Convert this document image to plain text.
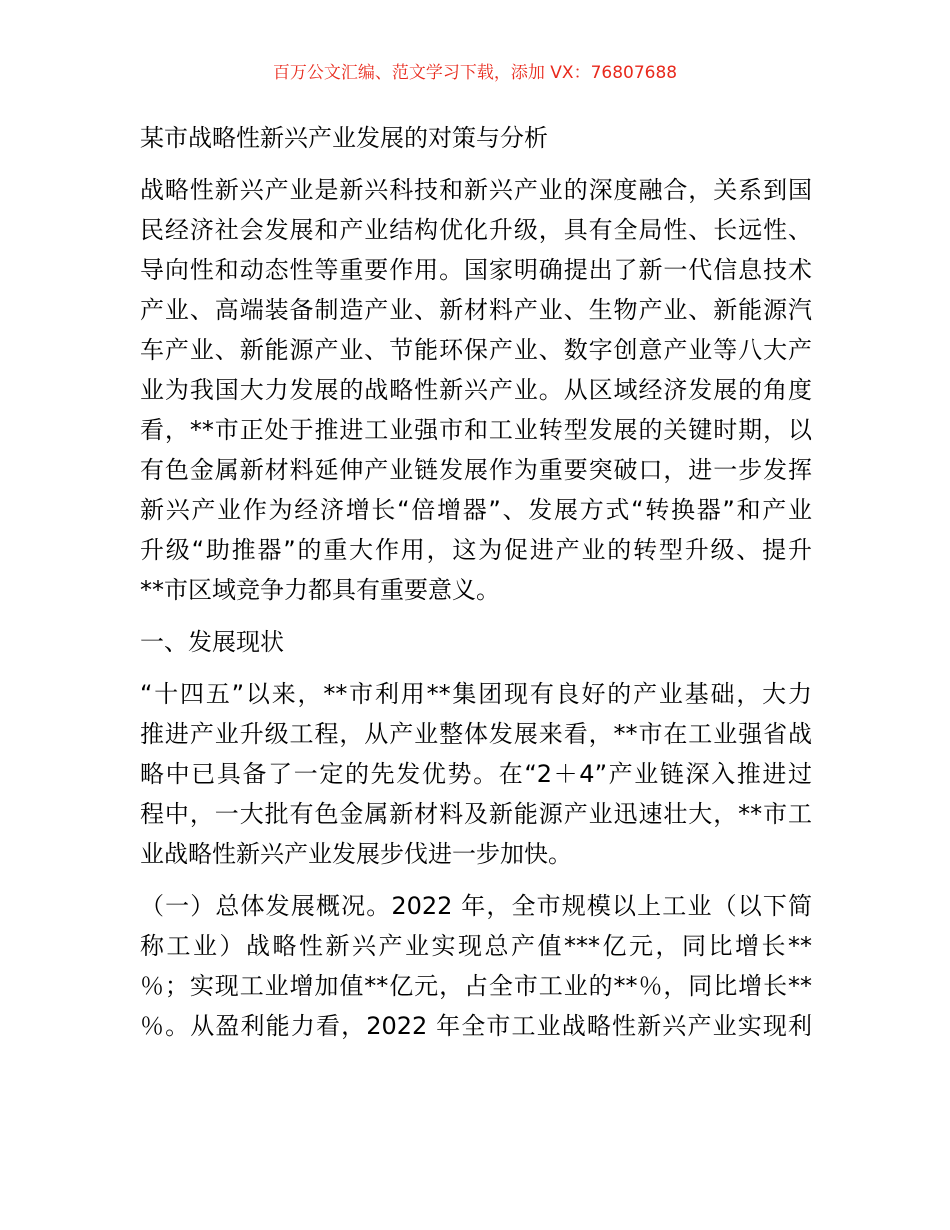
百万公文汇编、范文学习下载，添加 VX：76807688
某市战略性新兴产业发展的对策与分析
战略性新兴产业是新兴科技和新兴产业的深度融合，关系到国
民经济社会发展和产业结构优化升级，具有全局性、长远性、
导向性和动态性等重要作用。国家明确提出了新一代信息技术
产业、高端装备制造产业、新材料产业、生物产业、新能源汽
车产业、新能源产业、节能环保产业、数字创意产业等八大产
业为我国大力发展的战略性新兴产业。从区域经济发展的角度
看，**市正处于推进工业强市和工业转型发展的关键时期，以
有色金属新材料延伸产业链发展作为重要突破口，进一步发挥
新兴产业作为经济增长“倍增器”、发展方式“转换器”和产业
升级“助推器”的重大作用，这为促进产业的转型升级、提升
**市区域竞争力都具有重要意义。
一、发展现状
“十四五”以来，**市利用**集团现有良好的产业基础，大力
推进产业升级工程，从产业整体发展来看，**市在工业强省战
略中已具备了一定的先发优势。在“2＋4”产业链深入推进过
程中，一大批有色金属新材料及新能源产业迅速壮大，**市工
业战略性新兴产业发展步伐进一步加快。
（一）总体发展概况。2022 年，全市规模以上工业（以下简
称工业）战略性新兴产业实现总产值***亿元，同比增长**
％；实现工业增加值**亿元，占全市工业的**％，同比增长**
％。从盈利能力看，2022 年全市工业战略性新兴产业实现利
